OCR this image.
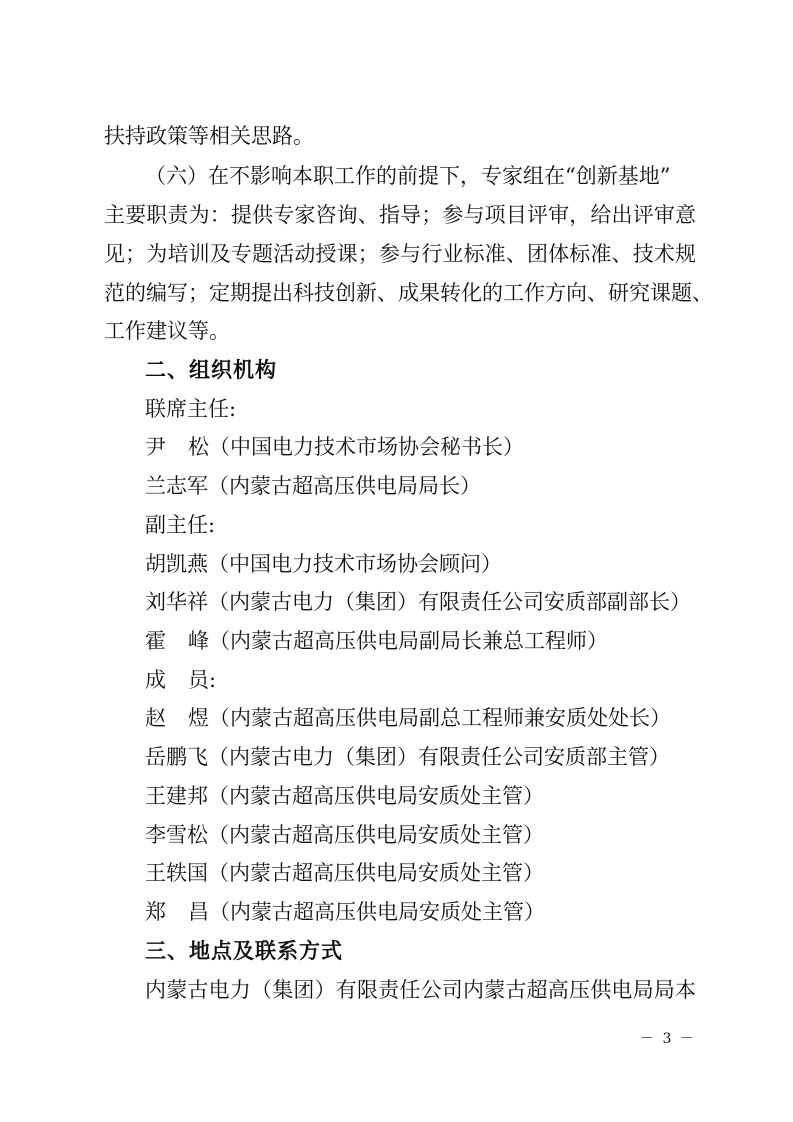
扶持政策等相关思路。
（六）在不影响本职工作的前提下，专家组在“创新基地”
主要职责为：提供专家咨询、指导；参与项目评审，给出评审意
见；为培训及专题活动授课；参与行业标准、团体标准、技术规
范的编写；定期提出科技创新、成果转化的工作方向、研究课题、
工作建议等。
二、组织机构
联席主任:
尹松（中国电力技术市场协会秘书长）
兰志军（内蒙古超高压供电局局长）
副主任:
胡凯燕（中国电力技术市场协会顾问）
刘华祥（内蒙古电力（集团）有限责任公司安质部副部长）
霍峰（内蒙古超高压供电局副局长兼总工程师）
成员:
赵煜（内蒙古超高压供电局副总工程师兼安质处处长）
岳鹏飞（内蒙古电力（集团）有限责任公司安质部主管）
王建邦（内蒙古超高压供电局安质处主管）
李雪松（内蒙古超高压供电局安质处主管）
王轶国（内蒙古超高压供电局安质处主管）
郑昌（内蒙古超高压供电局安质处主管）
三、地点及联系方式
内蒙古电力（集团）有限责任公司内蒙古超高压供电局局本
－ 3 －
